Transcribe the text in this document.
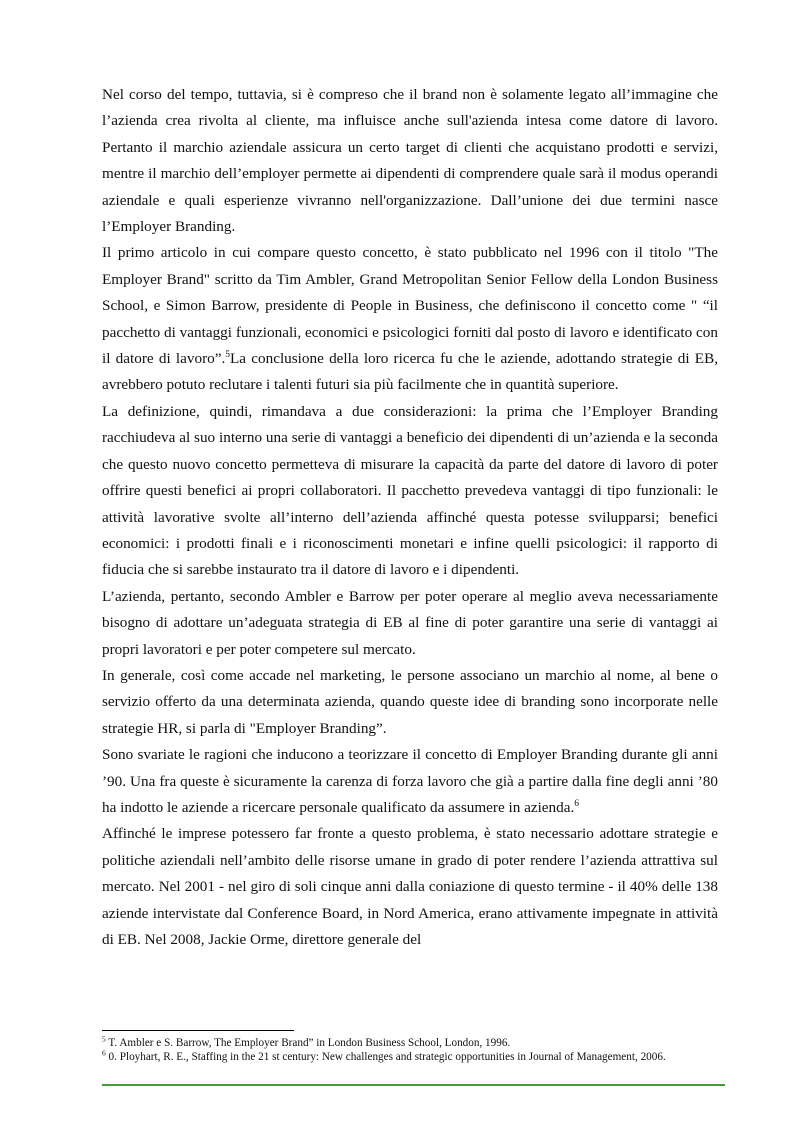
Nel corso del tempo, tuttavia, si è compreso che il brand non è solamente legato all’immagine che l’azienda crea rivolta al cliente, ma influisce anche sull'azienda intesa come datore di lavoro. Pertanto il marchio aziendale assicura un certo target di clienti che acquistano prodotti e servizi, mentre il marchio dell’employer permette ai dipendenti di comprendere quale sarà il modus operandi aziendale e quali esperienze vivranno nell'organizzazione. Dall’unione dei due termini nasce l’Employer Branding.

Il primo articolo in cui compare questo concetto, è stato pubblicato nel 1996 con il titolo "The Employer Brand" scritto da Tim Ambler, Grand Metropolitan Senior Fellow della London Business School, e Simon Barrow, presidente di People in Business, che definiscono il concetto come " “il pacchetto di vantaggi funzionali, economici e psicologici forniti dal posto di lavoro e identificato con il datore di lavoro”.$^5$La conclusione della loro ricerca fu che le aziende, adottando strategie di EB, avrebbero potuto reclutare i talenti futuri sia più facilmente che in quantità superiore.

La definizione, quindi, rimandava a due considerazioni: la prima che l’Employer Branding racchiudeva al suo interno una serie di vantaggi a beneficio dei dipendenti di un’azienda e la seconda che questo nuovo concetto permetteva di misurare la capacità da parte del datore di lavoro di poter offrire questi benefici ai propri collaboratori. Il pacchetto prevedeva vantaggi di tipo funzionali: le attività lavorative svolte all’interno dell’azienda affinché questa potesse svilupparsi; benefici economici: i prodotti finali e i riconoscimenti monetari e infine quelli psicologici: il rapporto di fiducia che si sarebbe instaurato tra il datore di lavoro e i dipendenti.

L’azienda, pertanto, secondo Ambler e Barrow per poter operare al meglio aveva necessariamente bisogno di adottare un’adeguata strategia di EB al fine di poter garantire una serie di vantaggi ai propri lavoratori e per poter competere sul mercato.

In generale, così come accade nel marketing, le persone associano un marchio al nome, al bene o servizio offerto da una determinata azienda, quando queste idee di branding sono incorporate nelle strategie HR, si parla di "Employer Branding”.

Sono svariate le ragioni che inducono a teorizzare il concetto di Employer Branding durante gli anni ’90. Una fra queste è sicuramente la carenza di forza lavoro che già a partire dalla fine degli anni ’80 ha indotto le aziende a ricercare personale qualificato da assumere in azienda.$^6$

Affinché le imprese potessero far fronte a questo problema, è stato necessario adottare strategie e politiche aziendali nell’ambito delle risorse umane in grado di poter rendere l’azienda attrattiva sul mercato. Nel 2001 - nel giro di soli cinque anni dalla coniazione di questo termine - il 40% delle 138 aziende intervistate dal Conference Board, in Nord America, erano attivamente impegnate in attività di EB. Nel 2008, Jackie Orme, direttore generale del

$^5$ T. Ambler e S. Barrow, The Employer Brand” in London Business School, London, 1996.

$^6$ 0. Ployhart, R. E., Staffing in the 21 st century: New challenges and strategic opportunities in Journal of Management, 2006.
